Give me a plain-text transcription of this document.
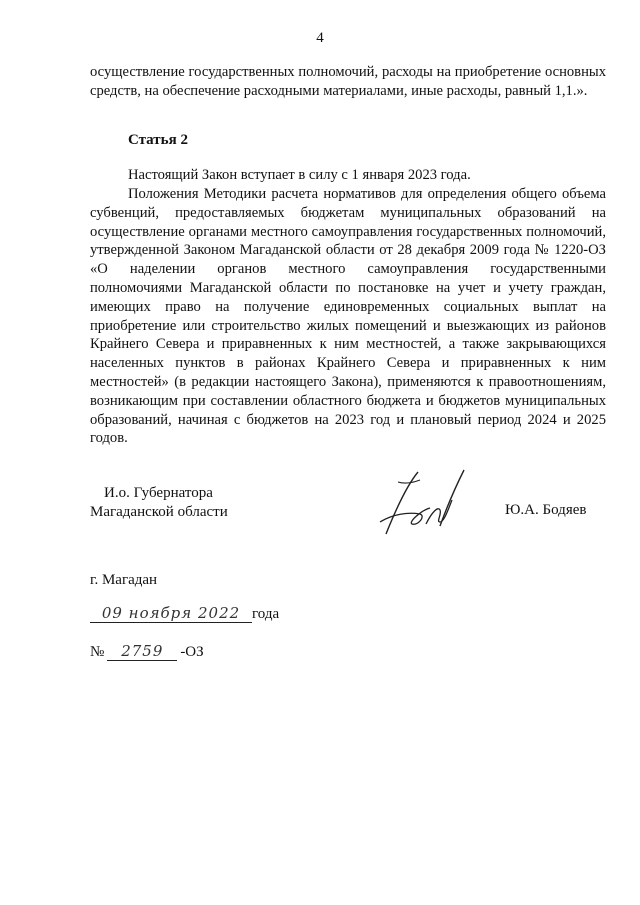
4

осуществление государственных полномочий, расходы на приобретение основных средств, на обеспечение расходными материалами, иные расходы, равный 1,1.».

Статья 2

Настоящий Закон вступает в силу с 1 января 2023 года.

Положения Методики расчета нормативов для определения общего объема субвенций, предоставляемых бюджетам муниципальных образований на осуществление органами местного самоуправления государственных полномочий, утвержденной Законом Магаданской области от 28 декабря 2009 года № 1220-ОЗ «О наделении органов местного самоуправления государственными полномочиями Магаданской области по постановке на учет и учету граждан, имеющих право на получение единовременных социальных выплат на приобретение или строительство жилых помещений и выезжающих из районов Крайнего Севера и приравненных к ним местностей, а также закрывающихся населенных пунктов в районах Крайнего Севера и приравненных к ним местностей» (в редакции настоящего Закона), применяются к правоотношениям, возникающим при составлении областного бюджета и бюджетов муниципальных образований, начиная с бюджетов на 2023 год и плановый период 2024 и 2025 годов.

И.о. Губернатора
Магаданской области	Ю.А. Бодяев
г. Магадан
09 ноября 2022 года
№	2759	-ОЗ
